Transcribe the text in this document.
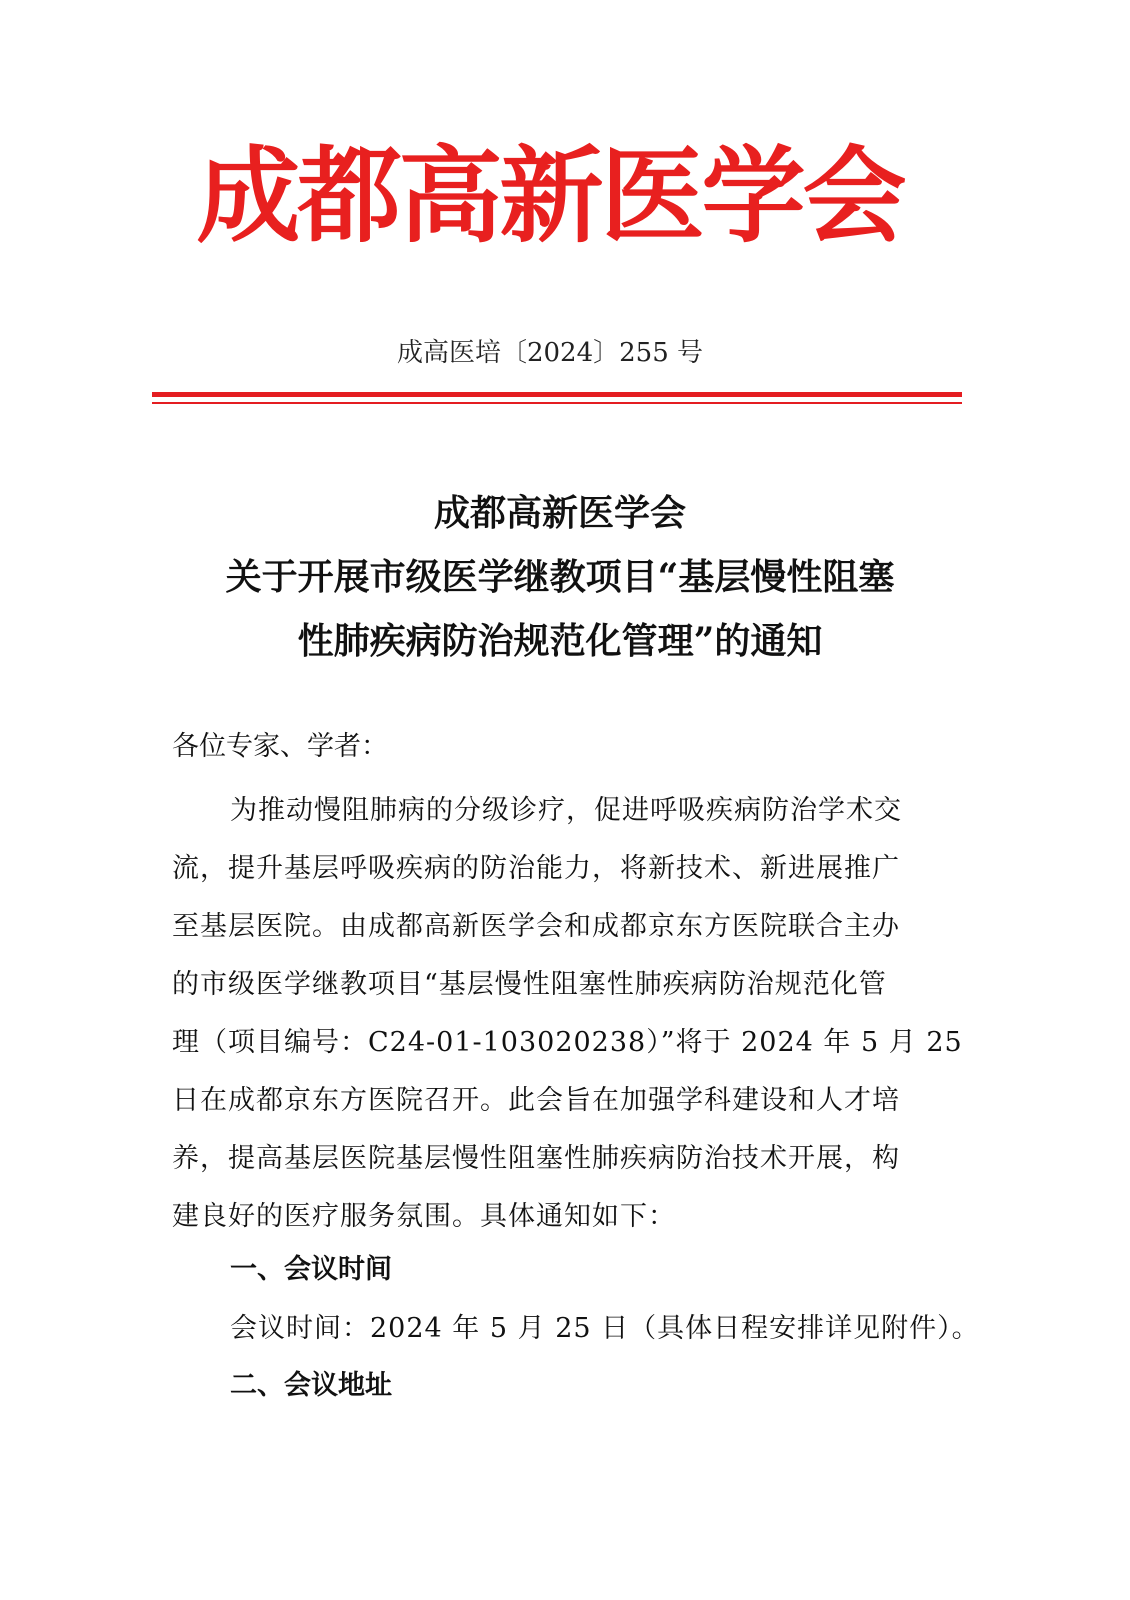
成都高新医学会
成高医培〔2024〕255 号
成都高新医学会
关于开展市级医学继教项目“基层慢性阻塞
性肺疾病防治规范化管理”的通知
各位专家、学者：
为推动慢阻肺病的分级诊疗，促进呼吸疾病防治学术交
流，提升基层呼吸疾病的防治能力，将新技术、新进展推广
至基层医院。由成都高新医学会和成都京东方医院联合主办
的市级医学继教项目“基层慢性阻塞性肺疾病防治规范化管
理（项目编号：C24-01-103020238）”将于 2024 年 5 月 25
日在成都京东方医院召开。此会旨在加强学科建设和人才培
养，提高基层医院基层慢性阻塞性肺疾病防治技术开展，构
建良好的医疗服务氛围。具体通知如下：
一、会议时间
会议时间：2024 年 5 月 25 日（具体日程安排详见附件）。
二、会议地址
